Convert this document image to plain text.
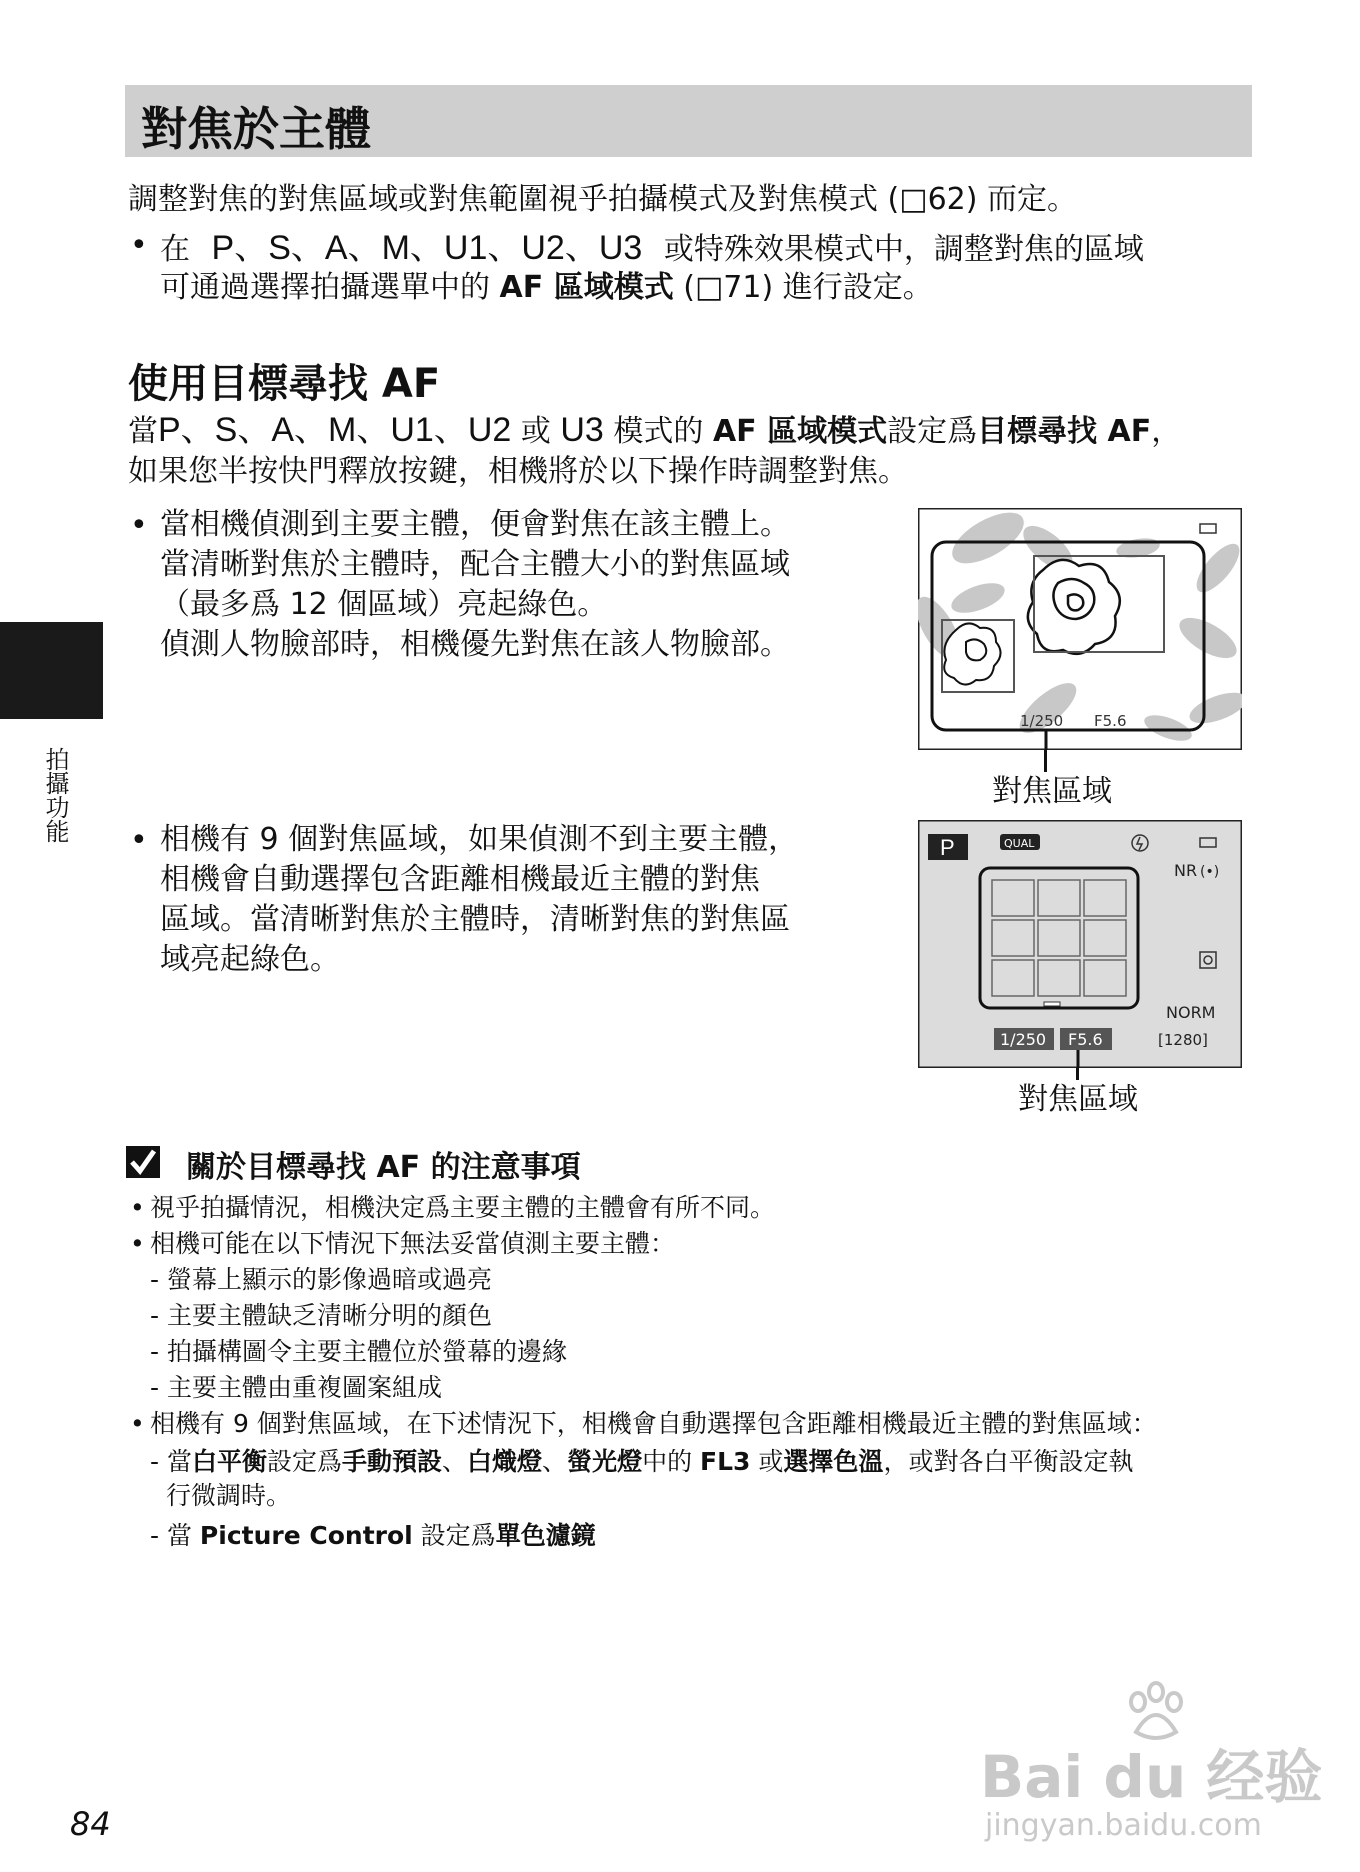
對焦於主體
調整對焦的對焦區域或對焦範圍視乎拍攝模式及對焦模式 (□62) 而定。
• 在 P、S、A、M、U1、U2、U3 或特殊效果模式中，調整對焦的區域
可通過選擇拍攝選單中的 AF 區域模式 (□71) 進行設定。
使用目標尋找 AF
當P、S、A、M、U1、U2 或 U3 模式的 AF 區域模式設定爲目標尋找 AF，
如果您半按快門釋放按鍵，相機將於以下操作時調整對焦。
• 當相機偵測到主要主體，便會對焦在該主體上。
當清晰對焦於主體時，配合主體大小的對焦區域
（最多爲 12 個區域）亮起綠色。
偵測人物臉部時，相機優先對焦在該人物臉部。
1/250 F5.6
對焦區域
• 相機有 9 個對焦區域，如果偵測不到主要主體，
相機會自動選擇包含距離相機最近主體的對焦
區域。當清晰對焦於主體時，清晰對焦的對焦區
域亮起綠色。
P	QUAL
NR (•)
NORM
1/250 F5.6	[1280]
對焦區域
關於目標尋找 AF 的注意事項
• 視乎拍攝情況，相機決定爲主要主體的主體會有所不同。
• 相機可能在以下情況下無法妥當偵測主要主體：
- 螢幕上顯示的影像過暗或過亮
- 主要主體缺乏清晰分明的顏色
- 拍攝構圖令主要主體位於螢幕的邊緣
- 主要主體由重複圖案組成
• 相機有 9 個對焦區域，在下述情況下，相機會自動選擇包含距離相機最近主體的對焦區域：
- 當白平衡設定爲手動預設、白熾燈、螢光燈中的 FL3 或選擇色溫，或對各白平衡設定執
行微調時。
- 當 Picture Control 設定爲單色濾鏡
拍攝功能
84
Bai du 经验
jingyan.baidu.com
